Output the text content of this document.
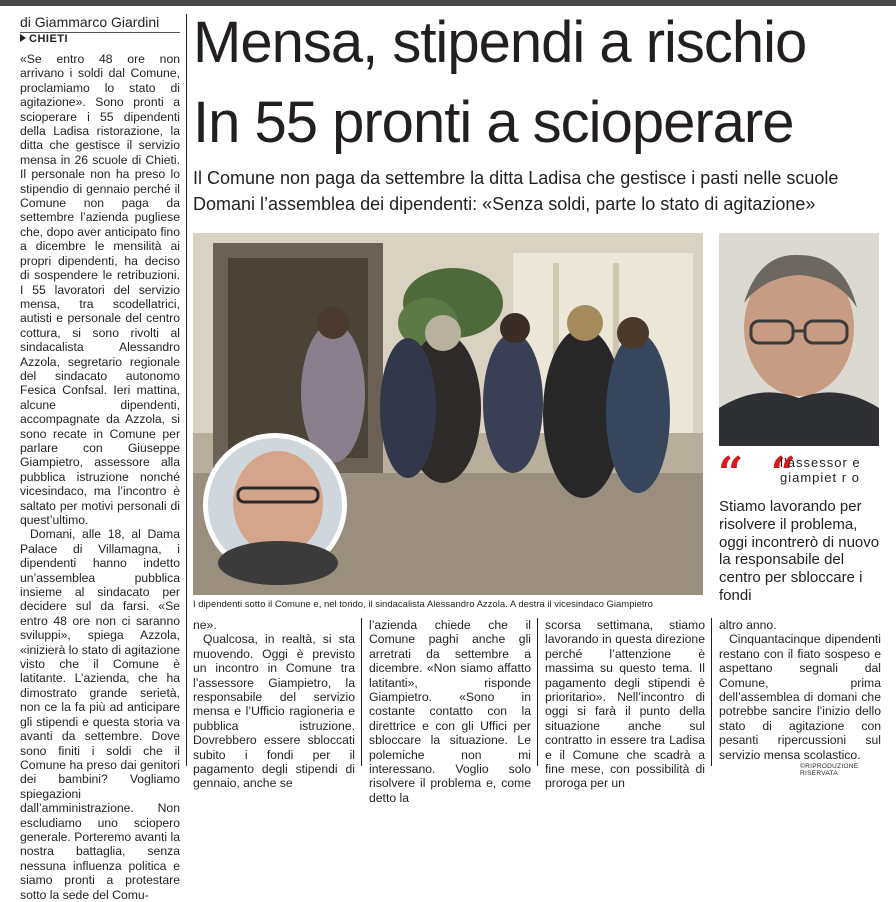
di Giammarco Giardini
CHIETI

«Se entro 48 ore non arrivano i soldi dal Comune, proclamiamo lo stato di agitazione». Sono pronti a scioperare i 55 dipendenti della Ladisa ristorazione, la ditta che gestisce il servizio mensa in 26 scuole di Chieti. Il personale non ha preso lo stipendio di gennaio perché il Comune non paga da settembre l’azienda pugliese che, dopo aver anticipato fino a dicembre le mensilità ai propri dipendenti, ha deciso di sospendere le retribuzioni. I 55 lavoratori del servizio mensa, tra scodellatrici, autisti e personale del centro cottura, si sono rivolti al sindacalista Alessandro Azzola, segretario regionale del sindacato autonomo Fesica Confsal. Ieri mattina, alcune dipendenti, accompagnate da Azzola, si sono recate in Comune per parlare con Giuseppe Giampietro, assessore alla pubblica istruzione nonché vicesindaco, ma l’incontro è saltato per motivi personali di quest’ultimo.

Domani, alle 18, al Dama Palace di Villamagna, i dipendenti hanno indetto un’assemblea pubblica insieme al sindacato per decidere sul da farsi. «Se entro 48 ore non ci saranno sviluppi», spiega Azzola, «inizierà lo stato di agitazione visto che il Comune è latitante. L’azienda, che ha dimostrato grande serietà, non ce la fa più ad anticipare gli stipendi e questa storia va avanti da settembre. Dove sono finiti i soldi che il Comune ha preso dai genitori dei bambini? Vogliamo spiegazioni dall’amministrazione. Non escludiamo uno sciopero generale. Porteremo avanti la nostra battaglia, senza nessuna influenza politica e siamo pronti a protestare sotto la sede del Comu-

Mensa, stipendi a rischio
In 55 pronti a scioperare
Il Comune non paga da settembre la ditta Ladisa che gestisce i pasti nelle scuole
Domani l’assemblea dei dipendenti: «Senza soldi, parte lo stato di agitazione»
I dipendenti sotto il Comune e, nel tondo, il sindacalista Alessandro Azzola. A destra il vicesindaco Giampietro
“ “
l’assessor e giampiet r o
Stiamo lavorando per risolvere il problema, oggi incontrerò di nuovo la responsabile del centro per sbloccare i fondi

ne».

Qualcosa, in realtà, si sta muovendo. Oggi è previsto un incontro in Comune tra l’assessore Giampietro, la responsabile del servizio mensa e l’Ufficio ragioneria e pubblica istruzione. Dovrebbero essere sbloccati subito i fondi per il pagamento degli stipendi di gennaio, anche se

l’azienda chiede che il Comune paghi anche gli arretrati da settembre a dicembre. «Non siamo affatto latitanti», risponde Giampietro. «Sono in costante contatto con la direttrice e con gli Uffici per sbloccare la situazione. Le polemiche non mi interessano. Voglio solo risolvere il problema e, come detto la

scorsa settimana, stiamo lavorando in questa direzione perché l’attenzione è massima su questo tema. Il pagamento degli stipendi è prioritario». Nell’incontro di oggi si farà il punto della situazione anche sul contratto in essere tra Ladisa e il Comune che scadrà a fine mese, con possibilità di proroga per un

altro anno.

Cinquantacinque dipendenti restano con il fiato sospeso e aspettano segnali dal Comune, prima dell’assemblea di domani che potrebbe sancire l’inizio dello stato di agitazione con pesanti ripercussioni sul servizio mensa scolastico.

©RIPRODUZIONE RISERVATA
